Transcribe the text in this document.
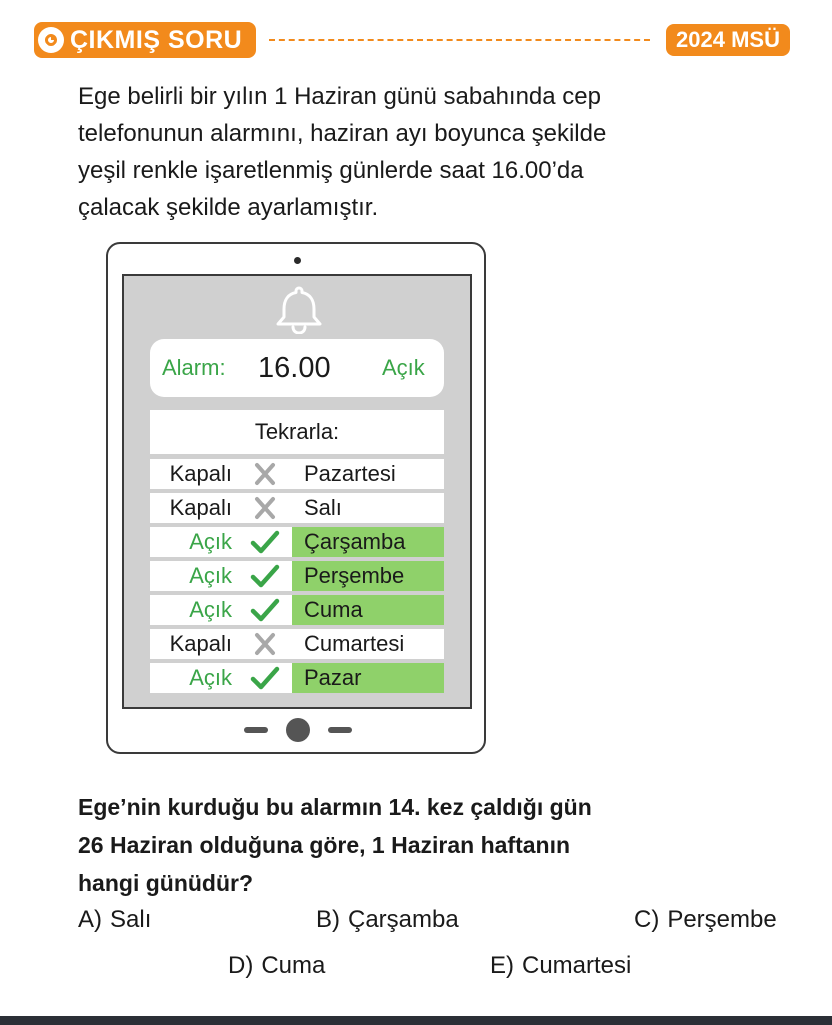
ÇIKMIŞ SORU	2024 MSÜ
Ege belirli bir yılın 1 Haziran günü sabahında cep
telefonunun alarmını, haziran ayı boyunca şekilde
yeşil renkle işaretlenmiş günlerde saat 16.00’da
çalacak şekilde ayarlamıştır.
Alarm: 16.00 Açık
Tekrarla:
Kapalı	Pazartesi
Kapalı	Salı
Açık	Çarşamba
Açık	Perşembe
Açık	Cuma
Kapalı	Cumartesi
Açık	Pazar
Ege’nin kurduğu bu alarmın 14. kez çaldığı gün
26 Haziran olduğuna göre, 1 Haziran haftanın
hangi günüdür?
A) Salı	B) Çarşamba	C) Perşembe
D) Cuma	E) Cumartesi
